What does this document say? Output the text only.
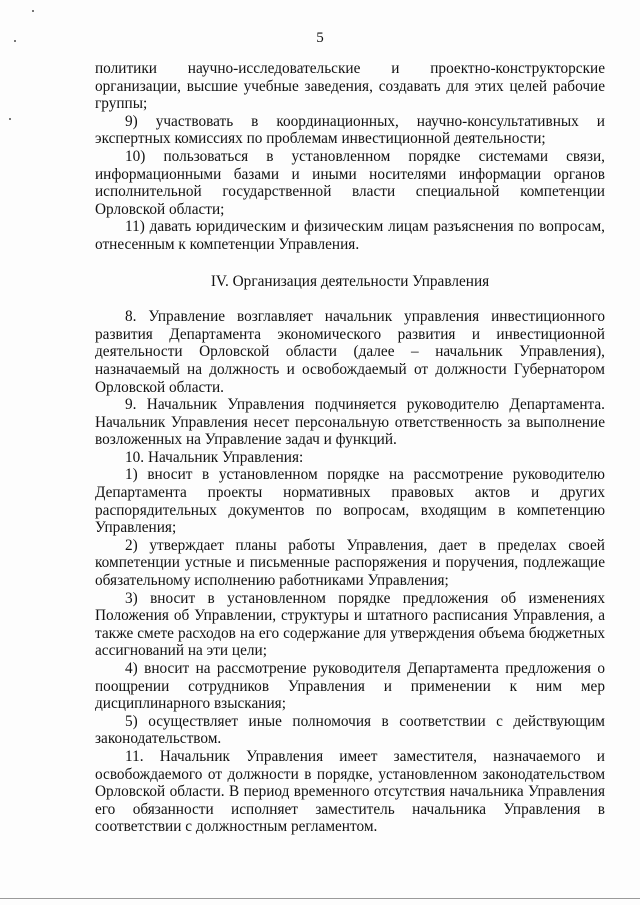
5

политики научно-исследовательские и проектно-конструкторские организации, высшие учебные заведения, создавать для этих целей рабочие группы;

9) участвовать в координационных, научно-консультативных и экспертных комиссиях по проблемам инвестиционной деятельности;

10) пользоваться в установленном порядке системами связи, информационными базами и иными носителями информации органов исполнительной государственной власти специальной компетенции Орловской области;

11) давать юридическим и физическим лицам разъяснения по вопросам, отнесенным к компетенции Управления.

IV. Организация деятельности Управления

8. Управление возглавляет начальник управления инвестиционного развития Департамента экономического развития и инвестиционной деятельности Орловской области (далее – начальник Управления), назначаемый на должность и освобождаемый от должности Губернатором Орловской области.

9. Начальник Управления подчиняется руководителю Департамента. Начальник Управления несет персональную ответственность за выполнение возложенных на Управление задач и функций.

10. Начальник Управления:

1) вносит в установленном порядке на рассмотрение руководителю Департамента проекты нормативных правовых актов и других распорядительных документов по вопросам, входящим в компетенцию Управления;

2) утверждает планы работы Управления, дает в пределах своей компетенции устные и письменные распоряжения и поручения, подлежащие обязательному исполнению работниками Управления;

3) вносит в установленном порядке предложения об изменениях Положения об Управлении, структуры и штатного расписания Управления, а также смете расходов на его содержание для утверждения объема бюджетных ассигнований на эти цели;

4) вносит на рассмотрение руководителя Департамента предложения о поощрении сотрудников Управления и применении к ним мер дисциплинарного взыскания;

5) осуществляет иные полномочия в соответствии с действующим законодательством.

11. Начальник Управления имеет заместителя, назначаемого и освобождаемого от должности в порядке, установленном законодательством Орловской области. В период временного отсутствия начальника Управления его обязанности исполняет заместитель начальника Управления в соответствии с должностным регламентом.
